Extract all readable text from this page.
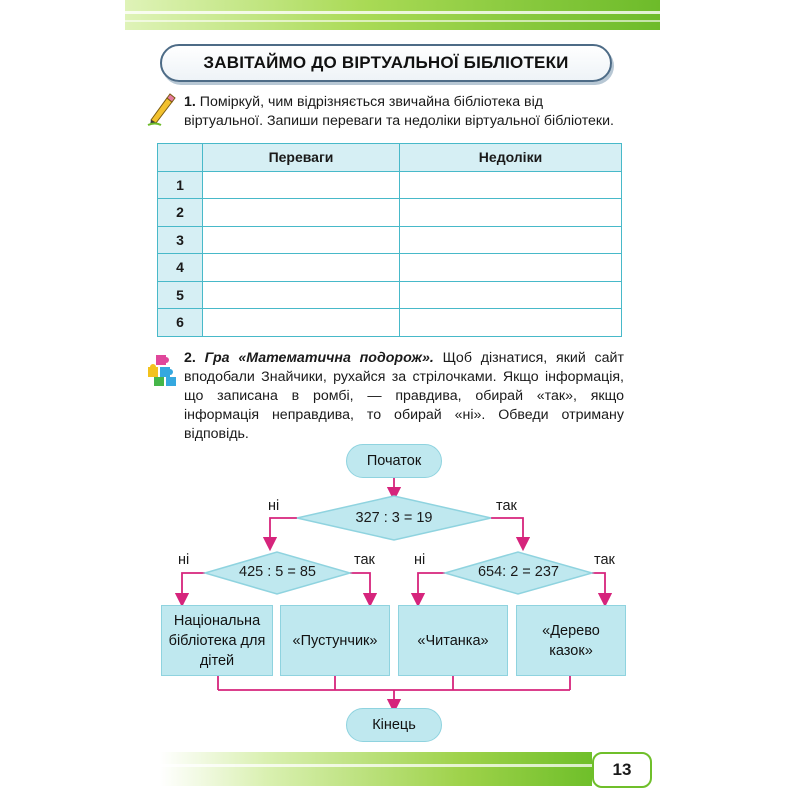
ЗАВІТАЙМО ДО ВІРТУАЛЬНОЇ БІБЛІОТЕКИ
1. Поміркуй, чим відрізняється звичайна бібліотека від віртуальної. Запиши переваги та недоліки віртуальної бібліотеки.
	Переваги	Недоліки
1		
2		
3		
4		
5		
6		
2. Гра «Математична подорож». Щоб дізнатися, який сайт вподобали Знайчики, рухайся за стрілочками. Якщо інформація, що записана в ромбі, — правдива, обирай «так», якщо інформація неправдива, то обирай «ні». Обведи отриману відповідь.
Початок
327 : 3 = 19
425 : 5 = 85	654: 2 = 237
ні	так
ні	так	ні	так
Національна бібліотека для дітей
«Пустунчик»	«Читанка»
«Дерево казок»
Кінець
13
